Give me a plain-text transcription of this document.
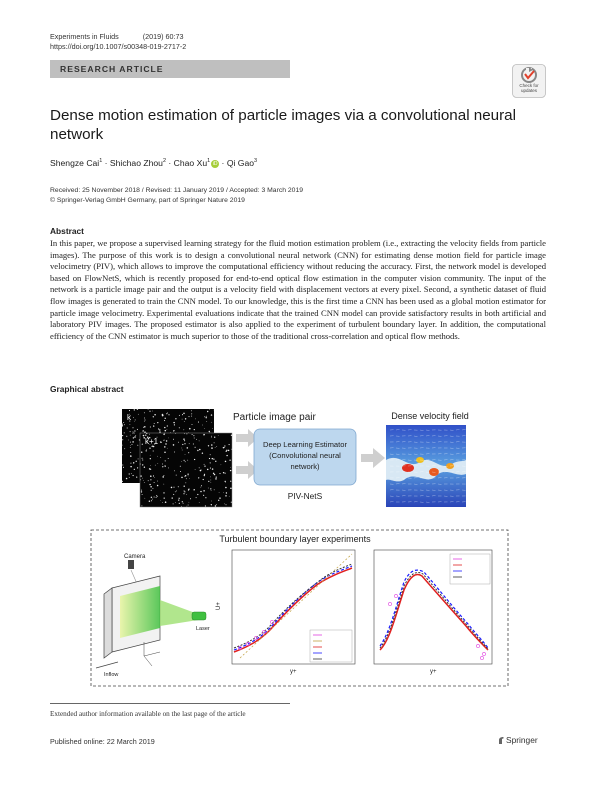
Experiments in Fluids	(2019) 60:73
https://doi.org/10.1007/s00348-019-2717-2
RESEARCH ARTICLE
Check for
updates
Dense motion estimation of particle images via a convolutional neural network
Shengze Cai$^1$ · Shichao Zhou$^2$ · Chao Xu$^1$ iD · Qi Gao$^3$
Received: 25 November 2018 / Revised: 11 January 2019 / Accepted: 3 March 2019
© Springer-Verlag GmbH Germany, part of Springer Nature 2019
Abstract
In this paper, we propose a supervised learning strategy for the fluid motion estimation problem (i.e., extracting the velocity fields from particle images). The purpose of this work is to design a convolutional neural network (CNN) for estimating dense motion field for particle image velocimetry (PIV), which allows to improve the computational efficiency without reducing the accuracy. First, the network model is developed based on FlowNetS, which is recently proposed for end-to-end optical flow estimation in the computer vision community. The input of the network is a particle image pair and the output is a velocity field with displacement vectors at every pixel. Second, a synthetic dataset of fluid flow images is generated to train the CNN model. To our knowledge, this is the first time a CNN has been used as a global motion estimator for particle image velocimetry. Experimental evaluations indicate that the trained CNN model can provide satisfactory results in both artificial and laboratory PIV images. The proposed estimator is also applied to the experiment of turbulent boundary layer. In addition, the computational efficiency of the CNN estimator is much superior to those of the traditional cross-correlation and optical flow methods.
Graphical abstract
Particle image pair
k
k+1	Deep Learning Estimator
(Convolutional neural
network)
PIV-NetS
Dense velocity field
Turbulent boundary layer experiments
Camera
Laser
Inflow
U+
y+	y+
Extended author information available on the last page of the article
Published online: 22 March 2019	Springer
